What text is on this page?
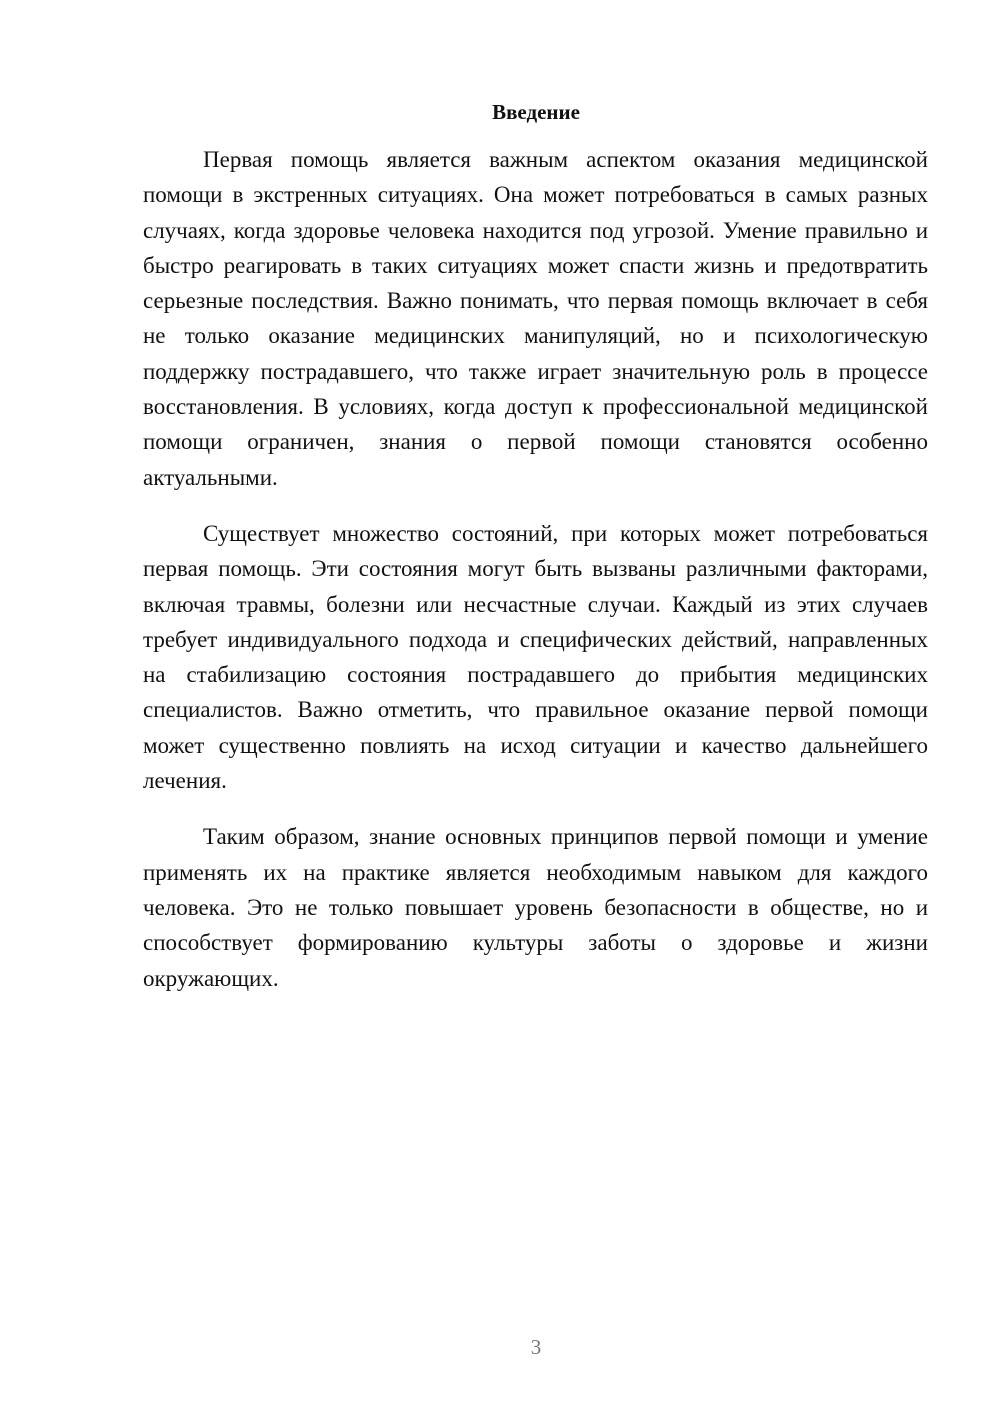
Введение

Первая помощь является важным аспектом оказания медицинской помощи в экстренных ситуациях. Она может потребоваться в самых разных случаях, когда здоровье человека находится под угрозой. Умение правильно и быстро реагировать в таких ситуациях может спасти жизнь и предотвратить серьезные последствия. Важно понимать, что первая помощь включает в себя не только оказание медицинских манипуляций, но и психологическую поддержку пострадавшего, что также играет значительную роль в процессе восстановления. В условиях, когда доступ к профессиональной медицинской помощи ограничен, знания о первой помощи становятся особенно актуальными.

Существует множество состояний, при которых может потребоваться первая помощь. Эти состояния могут быть вызваны различными факторами, включая травмы, болезни или несчастные случаи. Каждый из этих случаев требует индивидуального подхода и специфических действий, направленных на стабилизацию состояния пострадавшего до прибытия медицинских специалистов. Важно отметить, что правильное оказание первой помощи может существенно повлиять на исход ситуации и качество дальнейшего лечения.

Таким образом, знание основных принципов первой помощи и умение применять их на практике является необходимым навыком для каждого человека. Это не только повышает уровень безопасности в обществе, но и способствует формированию культуры заботы о здоровье и жизни окружающих.

3
